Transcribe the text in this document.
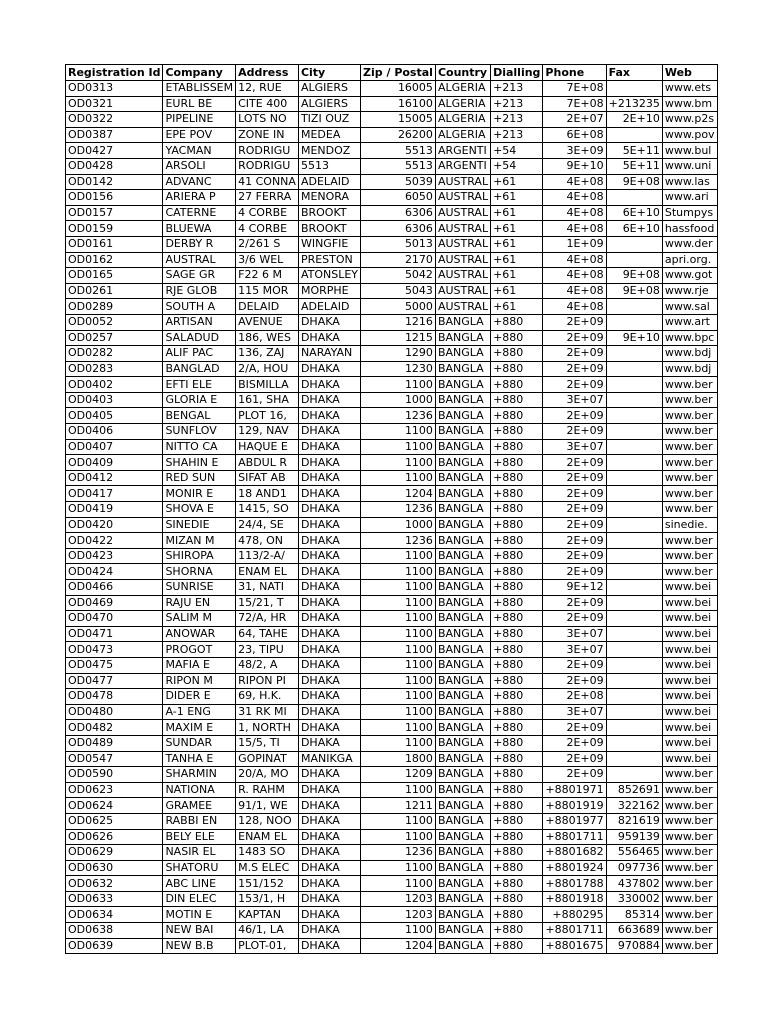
Registration Id	Company	Address	City	Zip / Postal	Country	Dialling	Phone	Fax	Web
OD0313	ETABLISSEM	12, RUE	ALGIERS	16005	ALGERIA	+213	7E+08		www.ets
OD0321	EURL BE	CITE 400	ALGIERS	16100	ALGERIA	+213	7E+08	+213235	www.bm
OD0322	PIPELINE	LOTS NO	TIZI OUZ	15005	ALGERIA	+213	2E+07	2E+10	www.p2s
OD0387	EPE POV	ZONE IN	MEDEA	26200	ALGERIA	+213	6E+08		www.pov
OD0427	YACMAN	RODRIGU	MENDOZ	5513	ARGENTI	+54	3E+09	5E+11	www.bul
OD0428	ARSOLI	RODRIGU	5513	5513	ARGENTI	+54	9E+10	5E+11	www.uni
OD0142	ADVANC	41 CONNA	ADELAID	5039	AUSTRAL	+61	4E+08	9E+08	www.las
OD0156	ARIERA P	27 FERRA	MENORA	6050	AUSTRAL	+61	4E+08		www.ari
OD0157	CATERNE	4 CORBE	BROOKT	6306	AUSTRAL	+61	4E+08	6E+10	Stumpys
OD0159	BLUEWA	4 CORBE	BROOKT	6306	AUSTRAL	+61	4E+08	6E+10	hassfood
OD0161	DERBY R	2/261 S	WINGFIE	5013	AUSTRAL	+61	1E+09		www.der
OD0162	AUSTRAL	3/6 WEL	PRESTON	2170	AUSTRAL	+61	4E+08		apri.org.
OD0165	SAGE GR	F22 6 M	ATONSLEY	5042	AUSTRAL	+61	4E+08	9E+08	www.got
OD0261	RJE GLOB	115 MOR	MORPHE	5043	AUSTRAL	+61	4E+08	9E+08	www.rje
OD0289	SOUTH A	DELAID	ADELAID	5000	AUSTRAL	+61	4E+08		www.sal
OD0052	ARTISAN	AVENUE	DHAKA	1216	BANGLA	+880	2E+09		www.art
OD0257	SALADUD	186, WES	DHAKA	1215	BANGLA	+880	2E+09	9E+10	www.bpc
OD0282	ALIF PAC	136, ZAJ	NARAYAN	1290	BANGLA	+880	2E+09		www.bdj
OD0283	BANGLAD	2/A, HOU	DHAKA	1230	BANGLA	+880	2E+09		www.bdj
OD0402	EFTI ELE	BISMILLA	DHAKA	1100	BANGLA	+880	2E+09		www.ber
OD0403	GLORIA E	161, SHA	DHAKA	1000	BANGLA	+880	3E+07		www.ber
OD0405	BENGAL	PLOT 16,	DHAKA	1236	BANGLA	+880	2E+09		www.ber
OD0406	SUNFLOV	129, NAV	DHAKA	1100	BANGLA	+880	2E+09		www.ber
OD0407	NITTO CA	HAQUE E	DHAKA	1100	BANGLA	+880	3E+07		www.ber
OD0409	SHAHIN E	ABDUL R	DHAKA	1100	BANGLA	+880	2E+09		www.ber
OD0412	RED SUN	SIFAT AB	DHAKA	1100	BANGLA	+880	2E+09		www.ber
OD0417	MONIR E	18 AND1	DHAKA	1204	BANGLA	+880	2E+09		www.ber
OD0419	SHOVA E	1415, SO	DHAKA	1236	BANGLA	+880	2E+09		www.ber
OD0420	SINEDIE	24/4, SE	DHAKA	1000	BANGLA	+880	2E+09		sinedie.
OD0422	MIZAN M	478, ON	DHAKA	1236	BANGLA	+880	2E+09		www.ber
OD0423	SHIROPA	113/2-A/	DHAKA	1100	BANGLA	+880	2E+09		www.ber
OD0424	SHORNA	ENAM EL	DHAKA	1100	BANGLA	+880	2E+09		www.ber
OD0466	SUNRISE	31, NATI	DHAKA	1100	BANGLA	+880	9E+12		www.bei
OD0469	RAJU EN	15/21, T	DHAKA	1100	BANGLA	+880	2E+09		www.bei
OD0470	SALIM M	72/A, HR	DHAKA	1100	BANGLA	+880	2E+09		www.bei
OD0471	ANOWAR	64, TAHE	DHAKA	1100	BANGLA	+880	3E+07		www.bei
OD0473	PROGOT	23, TIPU	DHAKA	1100	BANGLA	+880	3E+07		www.bei
OD0475	MAFIA E	48/2, A	DHAKA	1100	BANGLA	+880	2E+09		www.bei
OD0477	RIPON M	RIPON PI	DHAKA	1100	BANGLA	+880	2E+09		www.bei
OD0478	DIDER E	69, H.K.	DHAKA	1100	BANGLA	+880	2E+08		www.bei
OD0480	A-1 ENG	31 RK MI	DHAKA	1100	BANGLA	+880	3E+07		www.bei
OD0482	MAXIM E	1, NORTH	DHAKA	1100	BANGLA	+880	2E+09		www.bei
OD0489	SUNDAR	15/5, TI	DHAKA	1100	BANGLA	+880	2E+09		www.bei
OD0547	TANHA E	GOPINAT	MANIKGA	1800	BANGLA	+880	2E+09		www.bei
OD0590	SHARMIN	20/A, MO	DHAKA	1209	BANGLA	+880	2E+09		www.ber
OD0623	NATIONA	R. RAHM	DHAKA	1100	BANGLA	+880	+8801971	852691	www.ber
OD0624	GRAMEE	91/1, WE	DHAKA	1211	BANGLA	+880	+8801919	322162	www.ber
OD0625	RABBI EN	128, NOO	DHAKA	1100	BANGLA	+880	+8801977	821619	www.ber
OD0626	BELY ELE	ENAM EL	DHAKA	1100	BANGLA	+880	+8801711	959139	www.ber
OD0629	NASIR EL	1483 SO	DHAKA	1236	BANGLA	+880	+8801682	556465	www.ber
OD0630	SHATORU	M.S ELEC	DHAKA	1100	BANGLA	+880	+8801924	097736	www.ber
OD0632	ABC LINE	151/152	DHAKA	1100	BANGLA	+880	+8801788	437802	www.ber
OD0633	DIN ELEC	153/1, H	DHAKA	1203	BANGLA	+880	+8801918	330002	www.ber
OD0634	MOTIN E	KAPTAN	DHAKA	1203	BANGLA	+880	+880295	85314	www.ber
OD0638	NEW BAI	46/1, LA	DHAKA	1100	BANGLA	+880	+8801711	663689	www.ber
OD0639	NEW B.B	PLOT-01,	DHAKA	1204	BANGLA	+880	+8801675	970884	www.ber
